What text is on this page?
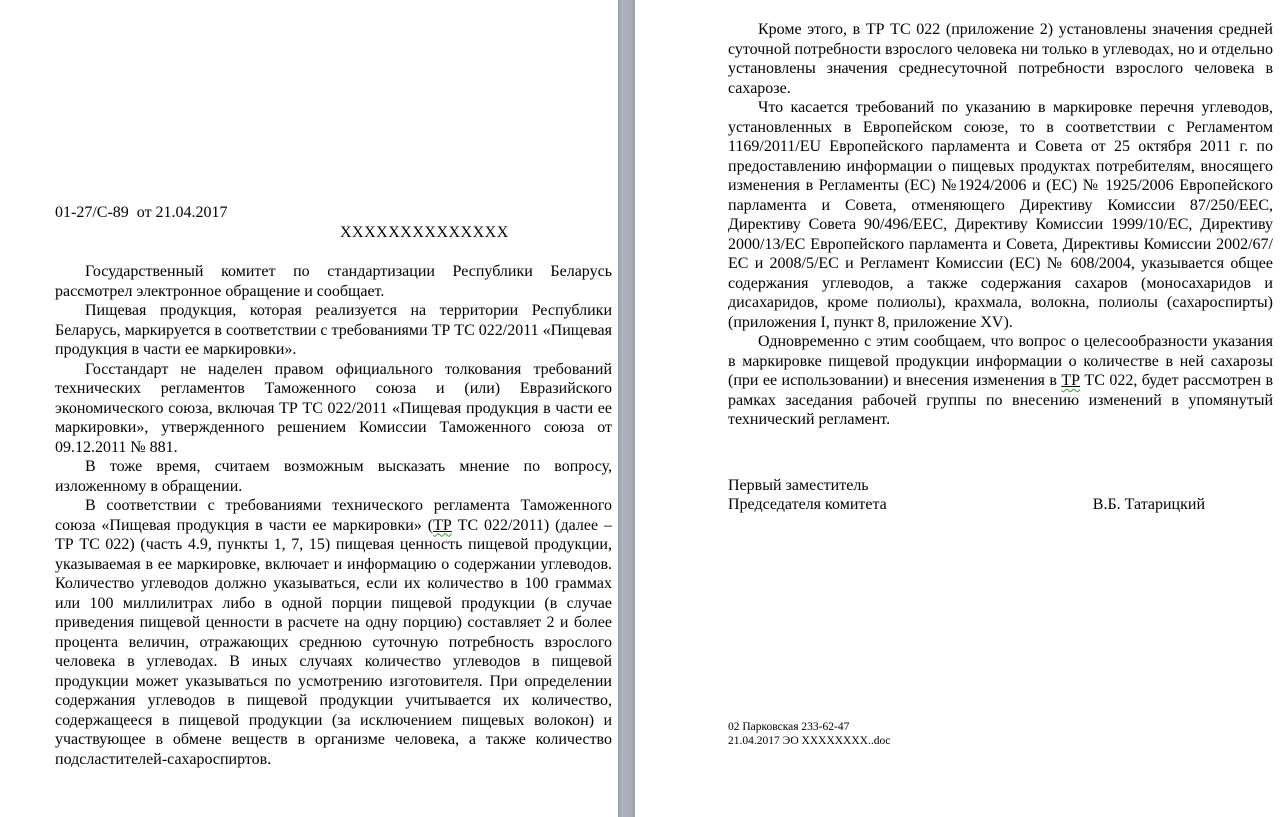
01-27/С-89  от 21.04.2017
ХХХХХХХХХХХХХХ

Государственный комитет по стандартизации Республики Беларусь рассмотрел электронное обращение и сообщает.

Пищевая продукция, которая реализуется на территории Республики Беларусь, маркируется в соответствии с требованиями ТР ТС 022/2011 «Пищевая продукция в части ее маркировки».

Госстандарт не наделен правом официального толкования требований технических регламентов Таможенного союза и (или) Евразийского экономического союза, включая ТР ТС 022/2011 «Пищевая продукция в части ее маркировки», утвержденного решением Комиссии Таможенного союза от 09.12.2011 № 881.

В тоже время, считаем возможным высказать мнение по вопросу, изложенному в обращении.

В соответствии с требованиями технического регламента Таможенного союза «Пищевая продукция в части ее маркировки» (ТР ТС 022/2011) (далее – ТР ТС 022) (часть 4.9, пункты 1, 7, 15) пищевая ценность пищевой продукции, указываемая в ее маркировке, включает и информацию о содержании углеводов. Количество углеводов должно указываться, если их количество в 100 граммах или 100 миллилитрах либо в одной порции пищевой продукции (в случае приведения пищевой ценности в расчете на одну порцию) составляет 2 и более процента величин, отражающих среднюю суточную потребность взрослого человека в углеводах. В иных случаях количество углеводов в пищевой продукции может указываться по усмотрению изготовителя. При определении содержания углеводов в пищевой продукции учитывается их количество, содержащееся в пищевой продукции (за исключением пищевых волокон) и участвующее в обмене веществ в организме человека, а также количество подсластителей-сахароспиртов.

Кроме этого, в ТР ТС 022 (приложение 2) установлены значения средней суточной потребности взрослого человека ни только в углеводах, но и отдельно установлены значения среднесуточной потребности взрослого человека в сахарозе.

Что касается требований по указанию в маркировке перечня углеводов, установленных в Европейском союзе, то в соответствии с Регламентом 1169/2011/EU Европейского парламента и Совета от 25 октября 2011 г. по предоставлению информации о пищевых продуктах потребителям, вносящего изменения в Регламенты (ЕС) №1924/2006 и (ЕС) № 1925/2006 Европейского парламента и Совета, отменяющего Директиву Комиссии 87/250/ЕЕС, Директиву Совета 90/496/ЕЕС, Директиву Комиссии 1999/10/ЕС, Директиву 2000/13/ЕС Европейского парламента и Совета, Директивы Комиссии 2002/67/ЕС и 2008/5/ЕС и Регламент Комиссии (ЕС) № 608/2004, указывается общее содержания углеводов, а также содержания сахаров (моносахаридов и дисахаридов, кроме полиолы), крахмала, волокна, полиолы (сахароспирты) (приложения I, пункт 8, приложение XV).

Одновременно с этим сообщаем, что вопрос о целесообразности указания в маркировке пищевой продукции информации о количестве в ней сахарозы (при ее использовании) и внесения изменения в ТР ТС 022, будет рассмотрен в рамках заседания рабочей группы по внесению изменений в упомянутый технический регламент.

Первый заместитель
Председателя комитета	В.Б. Татарицкий
02 Парковская 233-62-47
21.04.2017 ЭО ХХХХХХХХ..doc
